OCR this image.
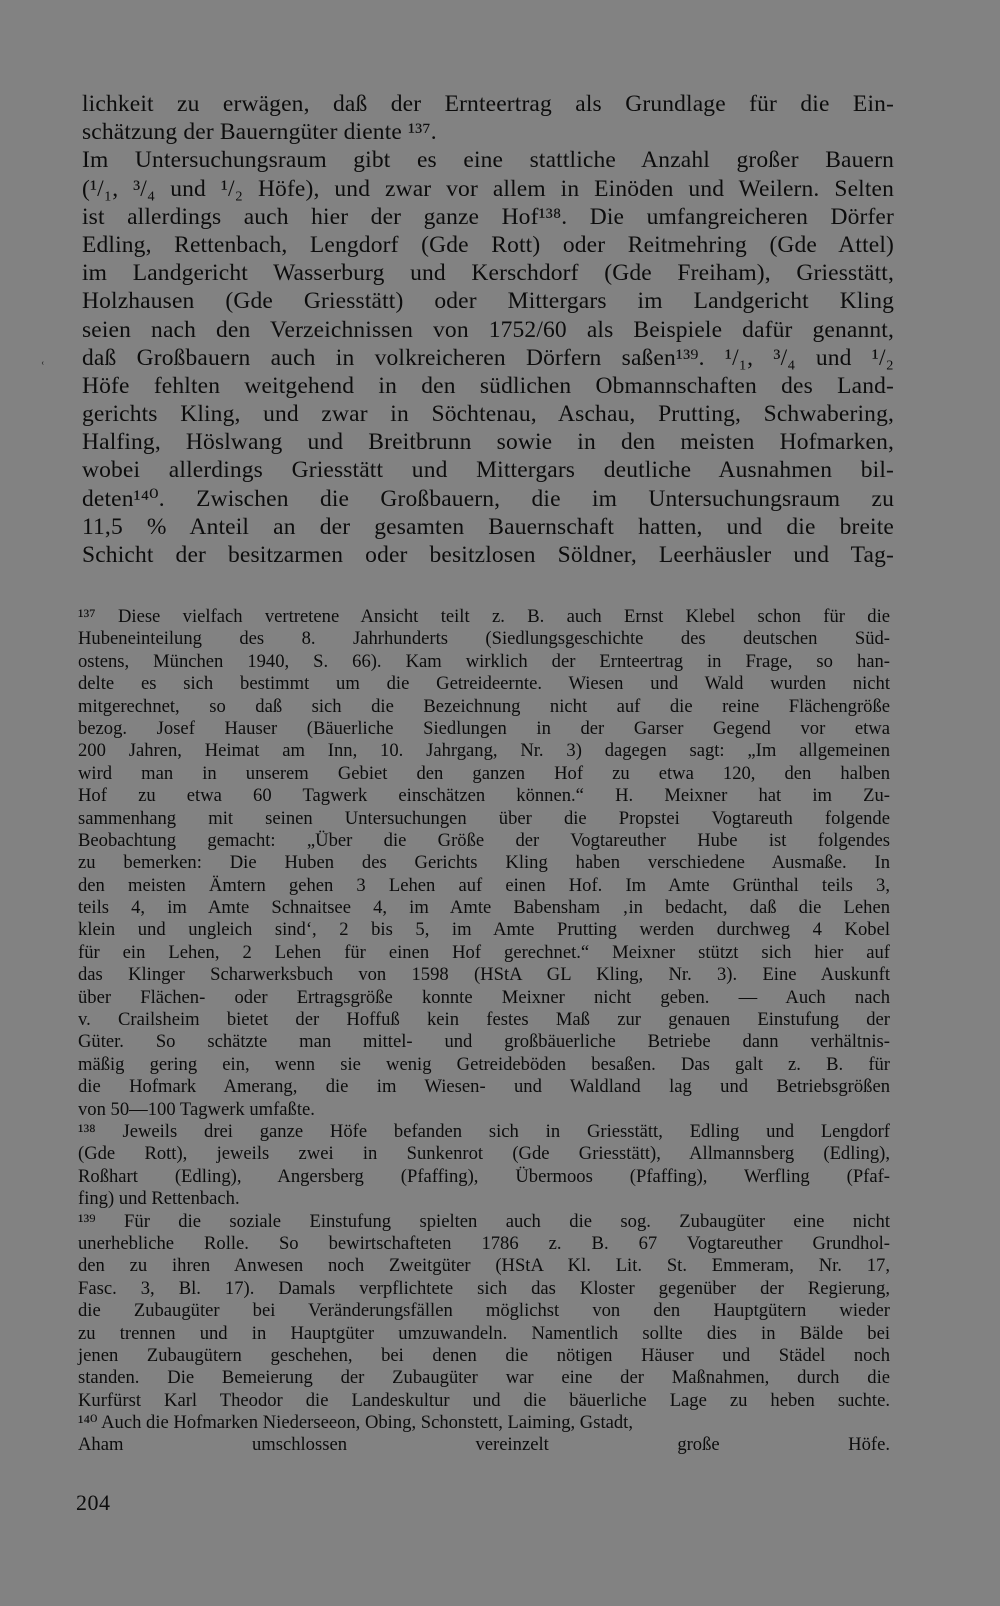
lichkeit zu erwägen, daß der Ernteertrag als Grundlage für die Ein-
schätzung der Bauerngüter diente ¹³⁷.
Im Untersuchungsraum gibt es eine stattliche Anzahl großer Bauern
(¹/₁, ³/₄ und ¹/₂ Höfe), und zwar vor allem in Einöden und Weilern. Selten
ist allerdings auch hier der ganze Hof¹³⁸. Die umfangreicheren Dörfer
Edling, Rettenbach, Lengdorf (Gde Rott) oder Reitmehring (Gde Attel)
im Landgericht Wasserburg und Kerschdorf (Gde Freiham), Griesstätt,
Holzhausen (Gde Griesstätt) oder Mittergars im Landgericht Kling
seien nach den Verzeichnissen von 1752/60 als Beispiele dafür genannt,
daß Großbauern auch in volkreicheren Dörfern saßen¹³⁹. ¹/₁, ³/₄ und ¹/₂
Höfe fehlten weitgehend in den südlichen Obmannschaften des Land-
gerichts Kling, und zwar in Söchtenau, Aschau, Prutting, Schwabering,
Halfing, Höslwang und Breitbrunn sowie in den meisten Hofmarken,
wobei allerdings Griesstätt und Mittergars deutliche Ausnahmen bil-
deten¹⁴⁰. Zwischen die Großbauern, die im Untersuchungsraum zu
11,5 % Anteil an der gesamten Bauernschaft hatten, und die breite
Schicht der besitzarmen oder besitzlosen Söldner, Leerhäusler und Tag-
¹³⁷ Diese vielfach vertretene Ansicht teilt z. B. auch Ernst Klebel schon für die
Hubeneinteilung des 8. Jahrhunderts (Siedlungsgeschichte des deutschen Süd-
ostens, München 1940, S. 66). Kam wirklich der Ernteertrag in Frage, so han-
delte es sich bestimmt um die Getreideernte. Wiesen und Wald wurden nicht
mitgerechnet, so daß sich die Bezeichnung nicht auf die reine Flächengröße
bezog. Josef Hauser (Bäuerliche Siedlungen in der Garser Gegend vor etwa
200 Jahren, Heimat am Inn, 10. Jahrgang, Nr. 3) dagegen sagt: „Im allgemeinen
wird man in unserem Gebiet den ganzen Hof zu etwa 120, den halben
Hof zu etwa 60 Tagwerk einschätzen können.“ H. Meixner hat im Zu-
sammenhang mit seinen Untersuchungen über die Propstei Vogtareuth folgende
Beobachtung gemacht: „Über die Größe der Vogtareuther Hube ist folgendes
zu bemerken: Die Huben des Gerichts Kling haben verschiedene Ausmaße. In
den meisten Ämtern gehen 3 Lehen auf einen Hof. Im Amte Grünthal teils 3,
teils 4, im Amte Schnaitsee 4, im Amte Babensham ‚in bedacht, daß die Lehen
klein und ungleich sind‘, 2 bis 5, im Amte Prutting werden durchweg 4 Kobel
für ein Lehen, 2 Lehen für einen Hof gerechnet.“ Meixner stützt sich hier auf
das Klinger Scharwerksbuch von 1598 (HStA GL Kling, Nr. 3). Eine Auskunft
über Flächen- oder Ertragsgröße konnte Meixner nicht geben. — Auch nach
v. Crailsheim bietet der Hoffuß kein festes Maß zur genauen Einstufung der
Güter. So schätzte man mittel- und großbäuerliche Betriebe dann verhältnis-
mäßig gering ein, wenn sie wenig Getreideböden besaßen. Das galt z. B. für
die Hofmark Amerang, die im Wiesen- und Waldland lag und Betriebsgrößen
von 50—100 Tagwerk umfaßte.
¹³⁸ Jeweils drei ganze Höfe befanden sich in Griesstätt, Edling und Lengdorf
(Gde Rott), jeweils zwei in Sunkenrot (Gde Griesstätt), Allmannsberg (Edling),
Roßhart (Edling), Angersberg (Pfaffing), Übermoos (Pfaffing), Werfling (Pfaf-
fing) und Rettenbach.
¹³⁹ Für die soziale Einstufung spielten auch die sog. Zubaugüter eine nicht
unerhebliche Rolle. So bewirtschafteten 1786 z. B. 67 Vogtareuther Grundhol-
den zu ihren Anwesen noch Zweitgüter (HStA Kl. Lit. St. Emmeram, Nr. 17,
Fasc. 3, Bl. 17). Damals verpflichtete sich das Kloster gegenüber der Regierung,
die Zubaugüter bei Veränderungsfällen möglichst von den Hauptgütern wieder
zu trennen und in Hauptgüter umzuwandeln. Namentlich sollte dies in Bälde bei
jenen Zubaugütern geschehen, bei denen die nötigen Häuser und Städel noch
standen. Die Bemeierung der Zubaugüter war eine der Maßnahmen, durch die
Kurfürst Karl Theodor die Landeskultur und die bäuerliche Lage zu heben suchte.
¹⁴⁰ Auch die Hofmarken Niederseeon, Obing, Schonstett, Laiming, Gstadt,
Aham umschlossen vereinzelt große Höfe.
ʿ
204
